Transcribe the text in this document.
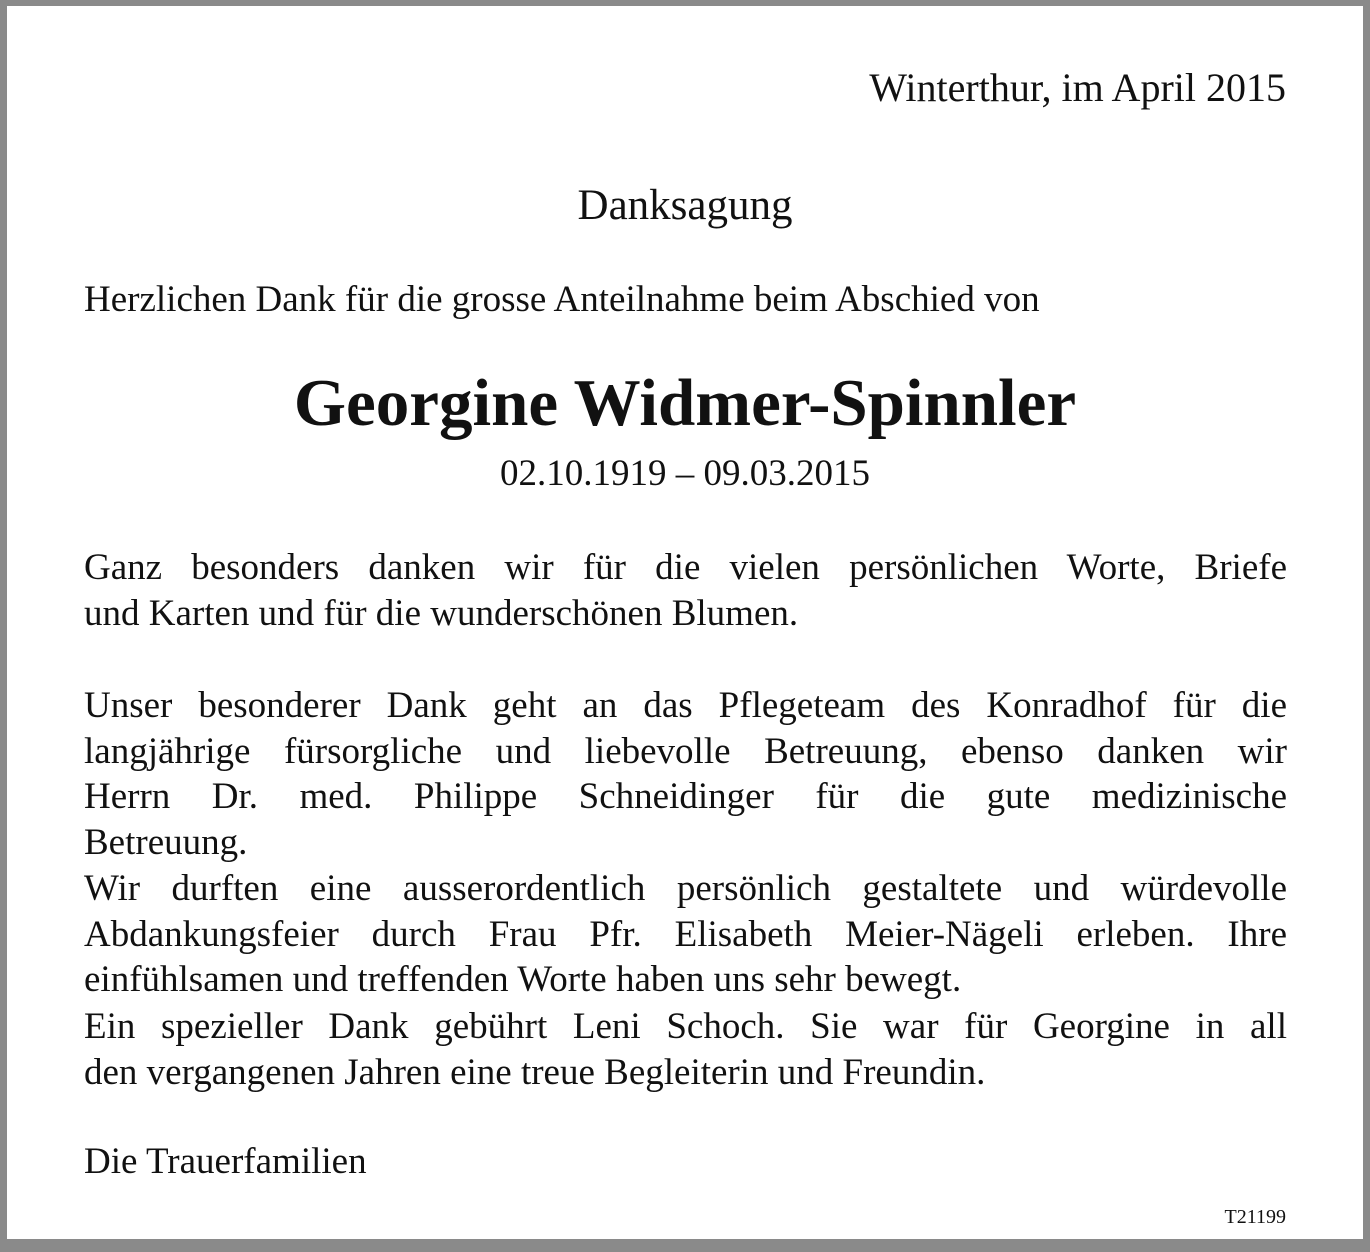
Winterthur, im April 2015

Danksagung

Herzlichen Dank für die grosse Anteilnahme beim Abschied von

Georgine Widmer-Spinnler

02.10.1919 – 09.03.2015

Ganz besonders danken wir für die vielen persönlichen Worte, Briefe
und Karten und für die wunderschönen Blumen.

Unser besonderer Dank geht an das Pflegeteam des Konradhof für die
langjährige fürsorgliche und liebevolle Betreuung, ebenso danken wir
Herrn Dr. med. Philippe Schneidinger für die gute medizinische
Betreuung.

Wir durften eine ausserordentlich persönlich gestaltete und würdevolle
Abdankungsfeier durch Frau Pfr. Elisabeth Meier-Nägeli erleben. Ihre
einfühlsamen und treffenden Worte haben uns sehr bewegt.

Ein spezieller Dank gebührt Leni Schoch. Sie war für Georgine in all
den vergangenen Jahren eine treue Begleiterin und Freundin.

Die Trauerfamilien

T21199
